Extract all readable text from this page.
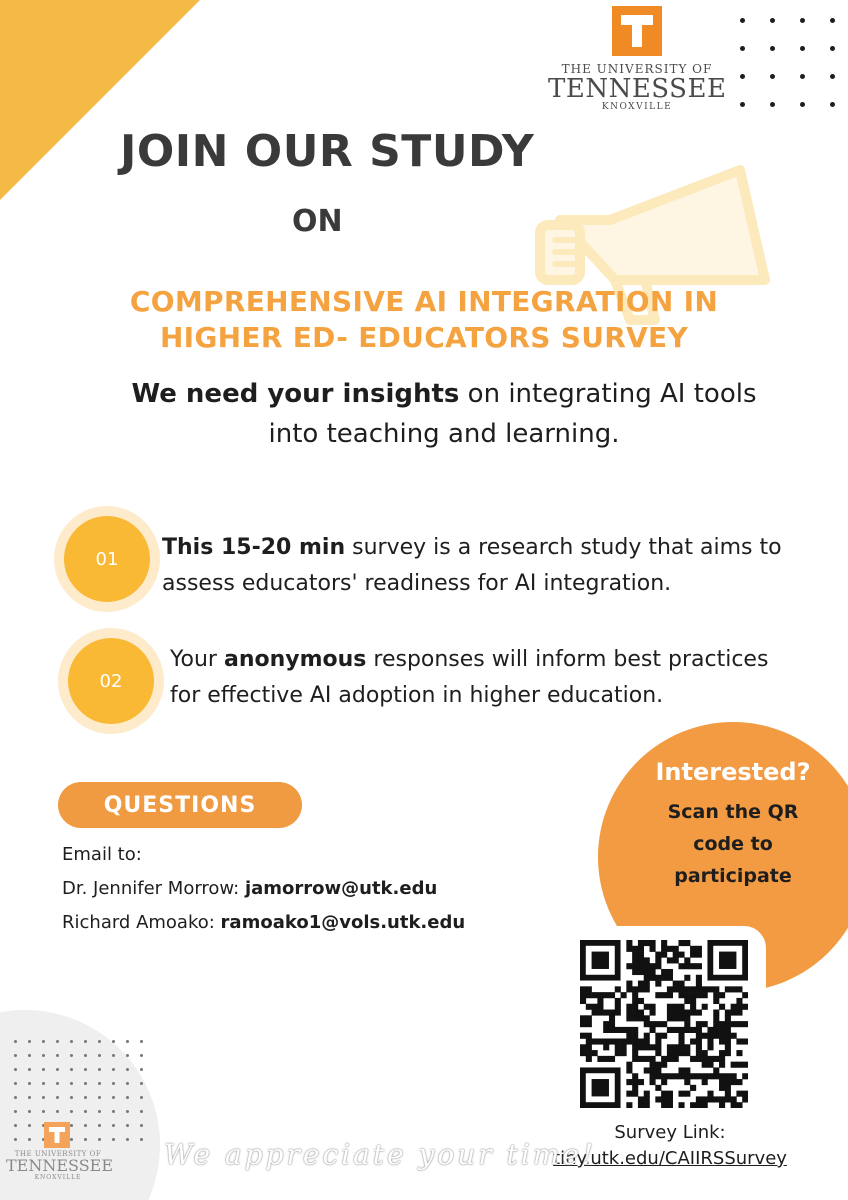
THE UNIVERSITY OF
TENNESSEE
KNOXVILLE
JOIN OUR STUDY
ON
COMPREHENSIVE AI INTEGRATION IN
HIGHER ED- EDUCATORS SURVEY
We need your insights on integrating AI tools
into teaching and learning.
01	This 15-20 min survey is a research study that aims to
assess educators' readiness for AI integration.
02
Your anonymous responses will inform best practices
for effective AI adoption in higher education.
QUESTIONS
Email to:
Dr. Jennifer Morrow: jamorrow@utk.edu
Richard Amoako: ramoako1@vols.utk.edu
Interested?
Scan the QR
code to
participate
Survey Link:
tiny.utk.edu/CAIIRSSurvey
THE UNIVERSITY OF
TENNESSEE
KNOXVILLE
We appreciate your time!
